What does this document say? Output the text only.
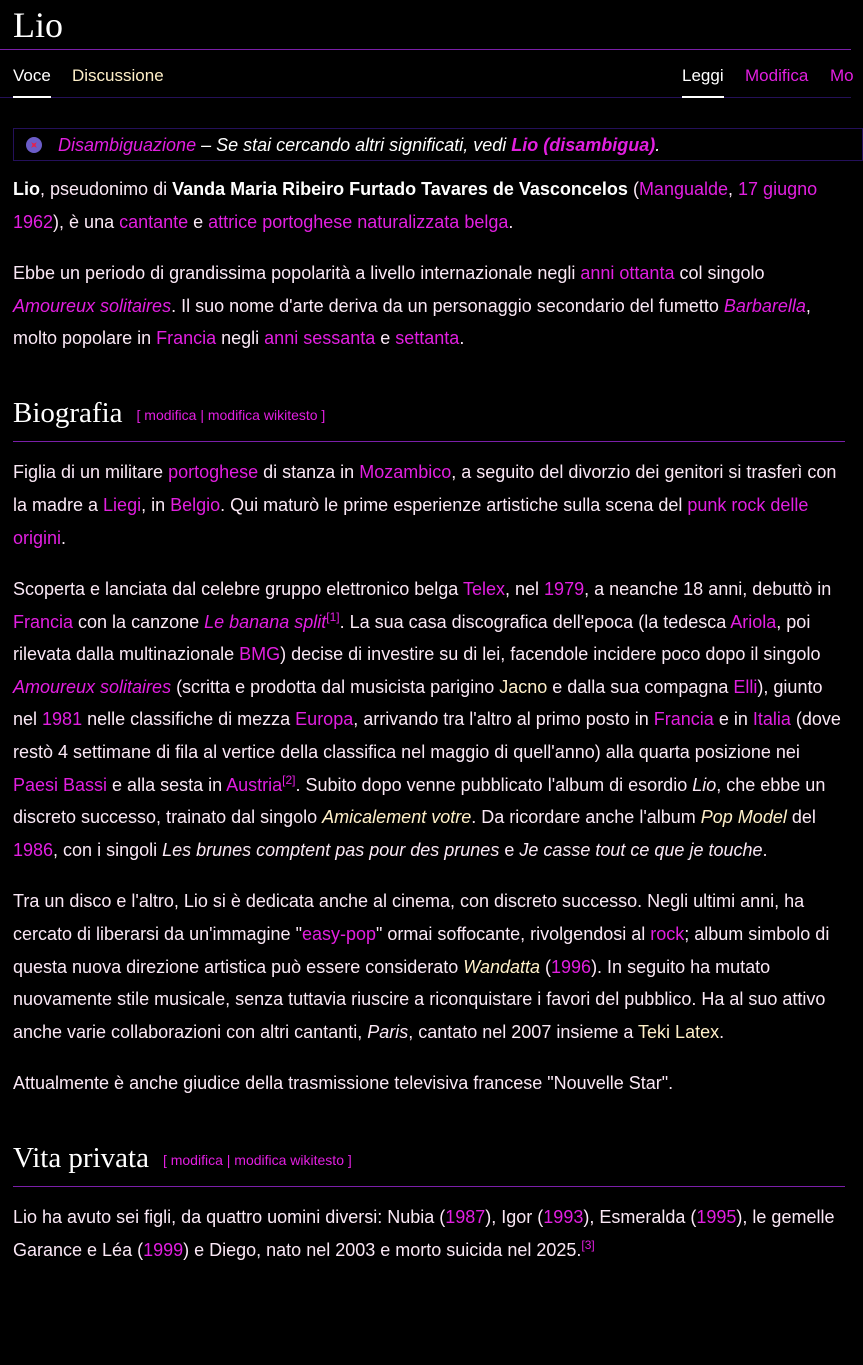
Lio
Voce Discussione	Leggi Modifica Mo
Disambiguazione – Se stai cercando altri significati, vedi Lio (disambigua).

Lio, pseudonimo di Vanda Maria Ribeiro Furtado Tavares de Vasconcelos (Mangualde, 17 giugno 1962), è una cantante e attrice portoghese naturalizzata belga.

Ebbe un periodo di grandissima popolarità a livello internazionale negli anni ottanta col singolo Amoureux solitaires. Il suo nome d'arte deriva da un personaggio secondario del fumetto Barbarella, molto popolare in Francia negli anni sessanta e settanta.

Biografia [ modifica | modifica wikitesto ]

Figlia di un militare portoghese di stanza in Mozambico, a seguito del divorzio dei genitori si trasferì con la madre a Liegi, in Belgio. Qui maturò le prime esperienze artistiche sulla scena del punk rock delle origini.

Scoperta e lanciata dal celebre gruppo elettronico belga Telex, nel 1979, a neanche 18 anni, debuttò in Francia con la canzone Le banana split[1]. La sua casa discografica dell'epoca (la tedesca Ariola, poi rilevata dalla multinazionale BMG) decise di investire su di lei, facendole incidere poco dopo il singolo Amoureux solitaires (scritta e prodotta dal musicista parigino Jacno e dalla sua compagna Elli), giunto nel 1981 nelle classifiche di mezza Europa, arrivando tra l'altro al primo posto in Francia e in Italia (dove restò 4 settimane di fila al vertice della classifica nel maggio di quell'anno) alla quarta posizione nei Paesi Bassi e alla sesta in Austria[2]. Subito dopo venne pubblicato l'album di esordio Lio, che ebbe un discreto successo, trainato dal singolo Amicalement votre. Da ricordare anche l'album Pop Model del 1986, con i singoli Les brunes comptent pas pour des prunes e Je casse tout ce que je touche.

Tra un disco e l'altro, Lio si è dedicata anche al cinema, con discreto successo. Negli ultimi anni, ha cercato di liberarsi da un'immagine "easy-pop" ormai soffocante, rivolgendosi al rock; album simbolo di questa nuova direzione artistica può essere considerato Wandatta (1996). In seguito ha mutato nuovamente stile musicale, senza tuttavia riuscire a riconquistare i favori del pubblico. Ha al suo attivo anche varie collaborazioni con altri cantanti, Paris, cantato nel 2007 insieme a Teki Latex.

Attualmente è anche giudice della trasmissione televisiva francese "Nouvelle Star".

Vita privata [ modifica | modifica wikitesto ]

Lio ha avuto sei figli, da quattro uomini diversi: Nubia (1987), Igor (1993), Esmeralda (1995), le gemelle Garance e Léa (1999) e Diego, nato nel 2003 e morto suicida nel 2025.[3]
